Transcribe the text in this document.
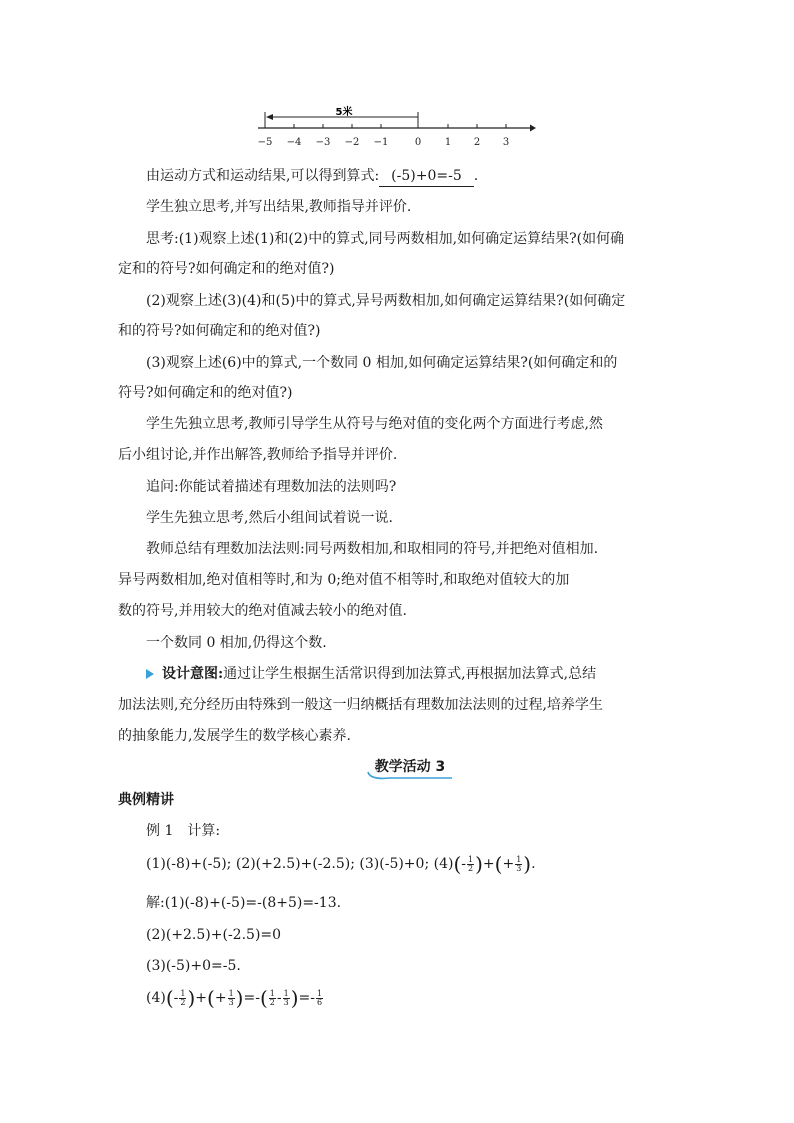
5米
−5 −4 −3 −2 −1	0 1 2 3
由运动方式和运动结果,可以得到算式: (-5)+0=-5 .
学生独立思考,并写出结果,教师指导并评价.
思考:(1)观察上述(1)和(2)中的算式,同号两数相加,如何确定运算结果?(如何确
定和的符号?如何确定和的绝对值?)
(2)观察上述(3)(4)和(5)中的算式,异号两数相加,如何确定运算结果?(如何确定
和的符号?如何确定和的绝对值?)
(3)观察上述(6)中的算式,一个数同 0 相加,如何确定运算结果?(如何确定和的
符号?如何确定和的绝对值?)
学生先独立思考,教师引导学生从符号与绝对值的变化两个方面进行考虑,然
后小组讨论,并作出解答,教师给予指导并评价.
追问:你能试着描述有理数加法的法则吗?
学生先独立思考,然后小组间试着说一说.
教师总结有理数加法法则:同号两数相加,和取相同的符号,并把绝对值相加.
异号两数相加,绝对值相等时,和为 0;绝对值不相等时,和取绝对值较大的加
数的符号,并用较大的绝对值减去较小的绝对值.
一个数同 0 相加,仍得这个数.
设计意图:通过让学生根据生活常识得到加法算式,再根据加法算式,总结
加法法则,充分经历由特殊到一般这一归纳概括有理数加法法则的过程,培养学生
的抽象能力,发展学生的数学核心素养.
教学活动 3
典例精讲
例 1　计算:
(1)(-8)+(-5); (2)(+2.5)+(-2.5); (3)(-5)+0; $(4)(- \frac{1}{2}$ )+(+ $\frac{1}{3}$ ).
解:(1)(-8)+(-5)=-(8+5)=-13.
(2)(+2.5)+(-2.5)=0
(3)(-5)+0=-5.
$(4)(- \frac{1}{2}$ )+(+ $\frac{1}{3}$ )=-( $\frac{1}{2} - \frac{1}{3}$ )=- $\frac{1}{6}$
